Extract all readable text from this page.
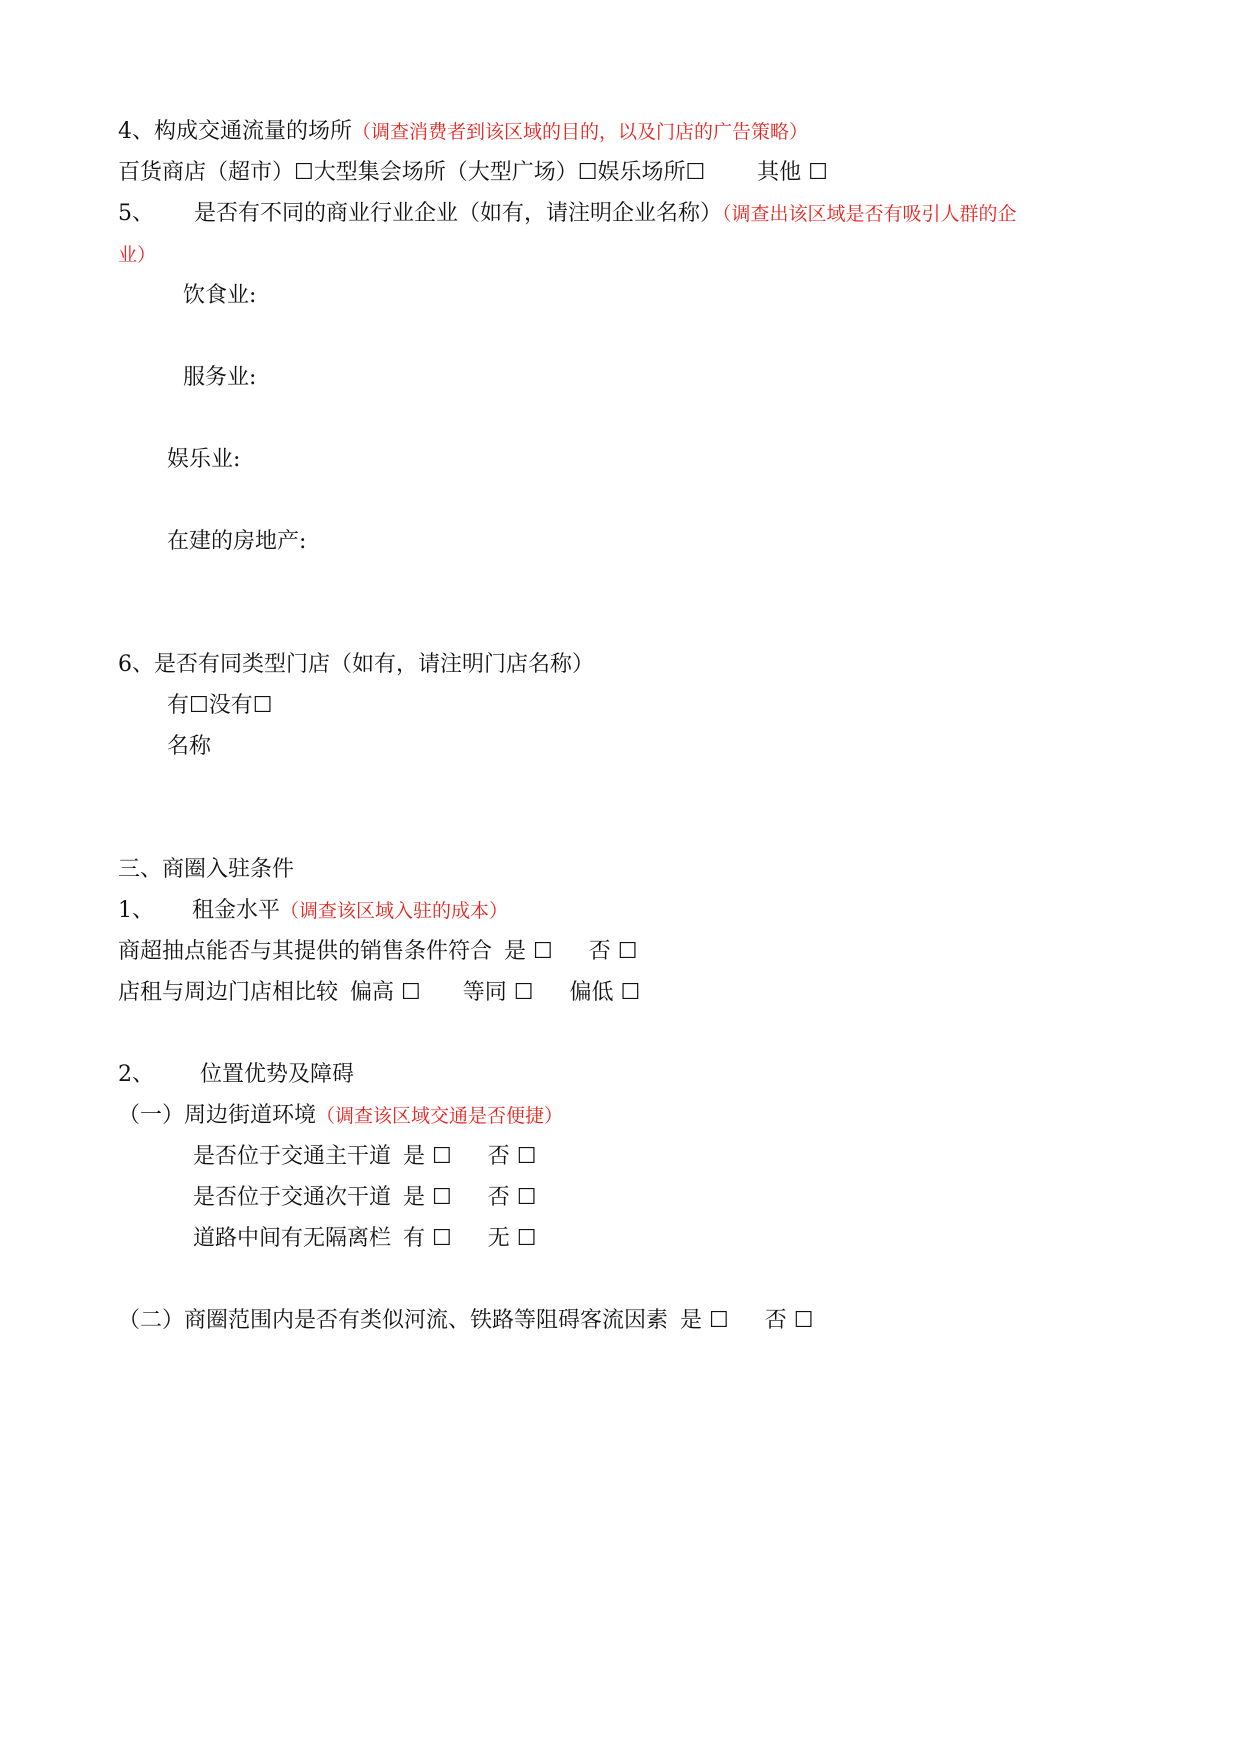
4、构成交通流量的场所（调查消费者到该区域的目的，以及门店的广告策略）
百货商店（超市）☐大型集会场所（大型广场）☐娱乐场所☐ 其他 ☐
5、 是否有不同的商业行业企业（如有，请注明企业名称）（调查出该区域是否有吸引人群的企
业）
饮食业:
服务业:
娱乐业:
在建的房地产:
6、是否有同类型门店（如有，请注明门店名称）
有☐没有☐
名称
三、商圈入驻条件
1、 租金水平（调查该区域入驻的成本）
商超抽点能否与其提供的销售条件符合 是 ☐ 否 ☐
店租与周边门店相比较 偏高 ☐ 等同 ☐ 偏低 ☐
2、 位置优势及障碍
（一）周边街道环境（调查该区域交通是否便捷）
是否位于交通主干道 是 ☐ 否 ☐
是否位于交通次干道 是 ☐ 否 ☐
道路中间有无隔离栏 有 ☐ 无 ☐
（二）商圈范围内是否有类似河流、铁路等阻碍客流因素 是 ☐ 否 ☐
